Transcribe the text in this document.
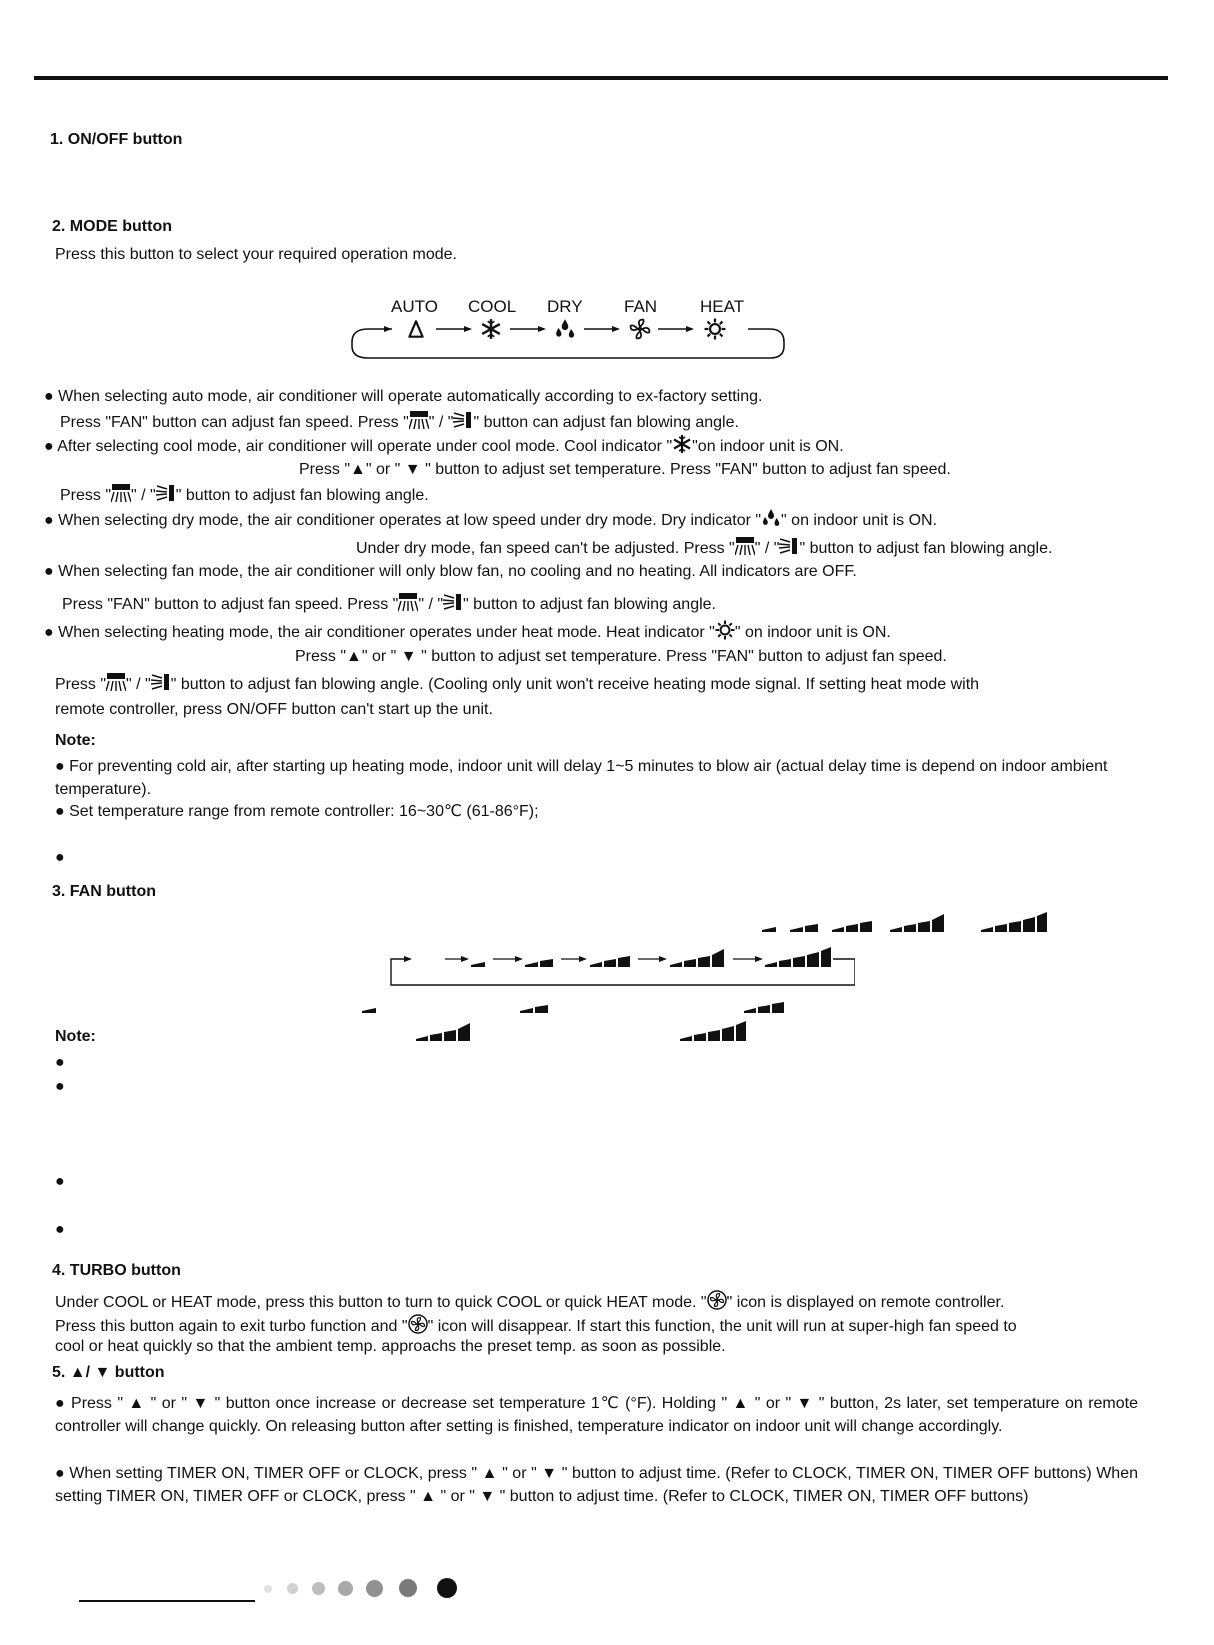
1. ON/OFF button
2. MODE button
Press this button to select your required operation mode.
AUTO COOL DRY FAN	HEAT
● When selecting auto mode, air conditioner will operate automatically according to ex-factory setting.
Press "FAN" button can adjust fan speed. Press " " / " " button can adjust fan blowing angle.
● After selecting cool mode, air conditioner will operate under cool mode. Cool indicator " "on indoor unit is ON.
Press "▲" or " ▼ " button to adjust set temperature. Press "FAN" button to adjust fan speed.
Press " " / " " button to adjust fan blowing angle.
● When selecting dry mode, the air conditioner operates at low speed under dry mode. Dry indicator " " on indoor unit is ON.
Under dry mode, fan speed can't be adjusted. Press " " / " " button to adjust fan blowing angle.
● When selecting fan mode, the air conditioner will only blow fan, no cooling and no heating. All indicators are OFF.
Press "FAN" button to adjust fan speed. Press " " / " " button to adjust fan blowing angle.
● When selecting heating mode, the air conditioner operates under heat mode. Heat indicator " " on indoor unit is ON.
Press "▲" or " ▼ " button to adjust set temperature. Press "FAN" button to adjust fan speed.
Press " " / " " button to adjust fan blowing angle. (Cooling only unit won't receive heating mode signal. If setting heat mode with
remote controller, press ON/OFF button can't start up the unit.
Note:
● For preventing cold air, after starting up heating mode, indoor unit will delay 1~5 minutes to blow air (actual delay time is depend on indoor ambient temperature).
● Set temperature range from remote controller: 16~30℃ (61-86°F);
●
3. FAN button
Note:
●
●
●
●
4. TURBO button
Under COOL or HEAT mode, press this button to turn to quick COOL or quick HEAT mode. " " icon is displayed on remote controller.
Press this button again to exit turbo function and " " icon will disappear. If start this function, the unit will run at super-high fan speed to
cool or heat quickly so that the ambient temp. approachs the preset temp. as soon as possible.
5. ▲/ ▼ button
● Press " ▲ " or " ▼ " button once increase or decrease set temperature 1℃ (°F). Holding " ▲ " or " ▼ " button, 2s later, set temperature on remote controller will change quickly. On releasing button after setting is finished, temperature indicator on indoor unit will change accordingly.
● When setting TIMER ON, TIMER OFF or CLOCK, press " ▲ " or " ▼ " button to adjust time. (Refer to CLOCK, TIMER ON, TIMER OFF buttons) When setting TIMER ON, TIMER OFF or CLOCK, press " ▲ " or " ▼ " button to adjust time. (Refer to CLOCK, TIMER ON, TIMER OFF buttons)
